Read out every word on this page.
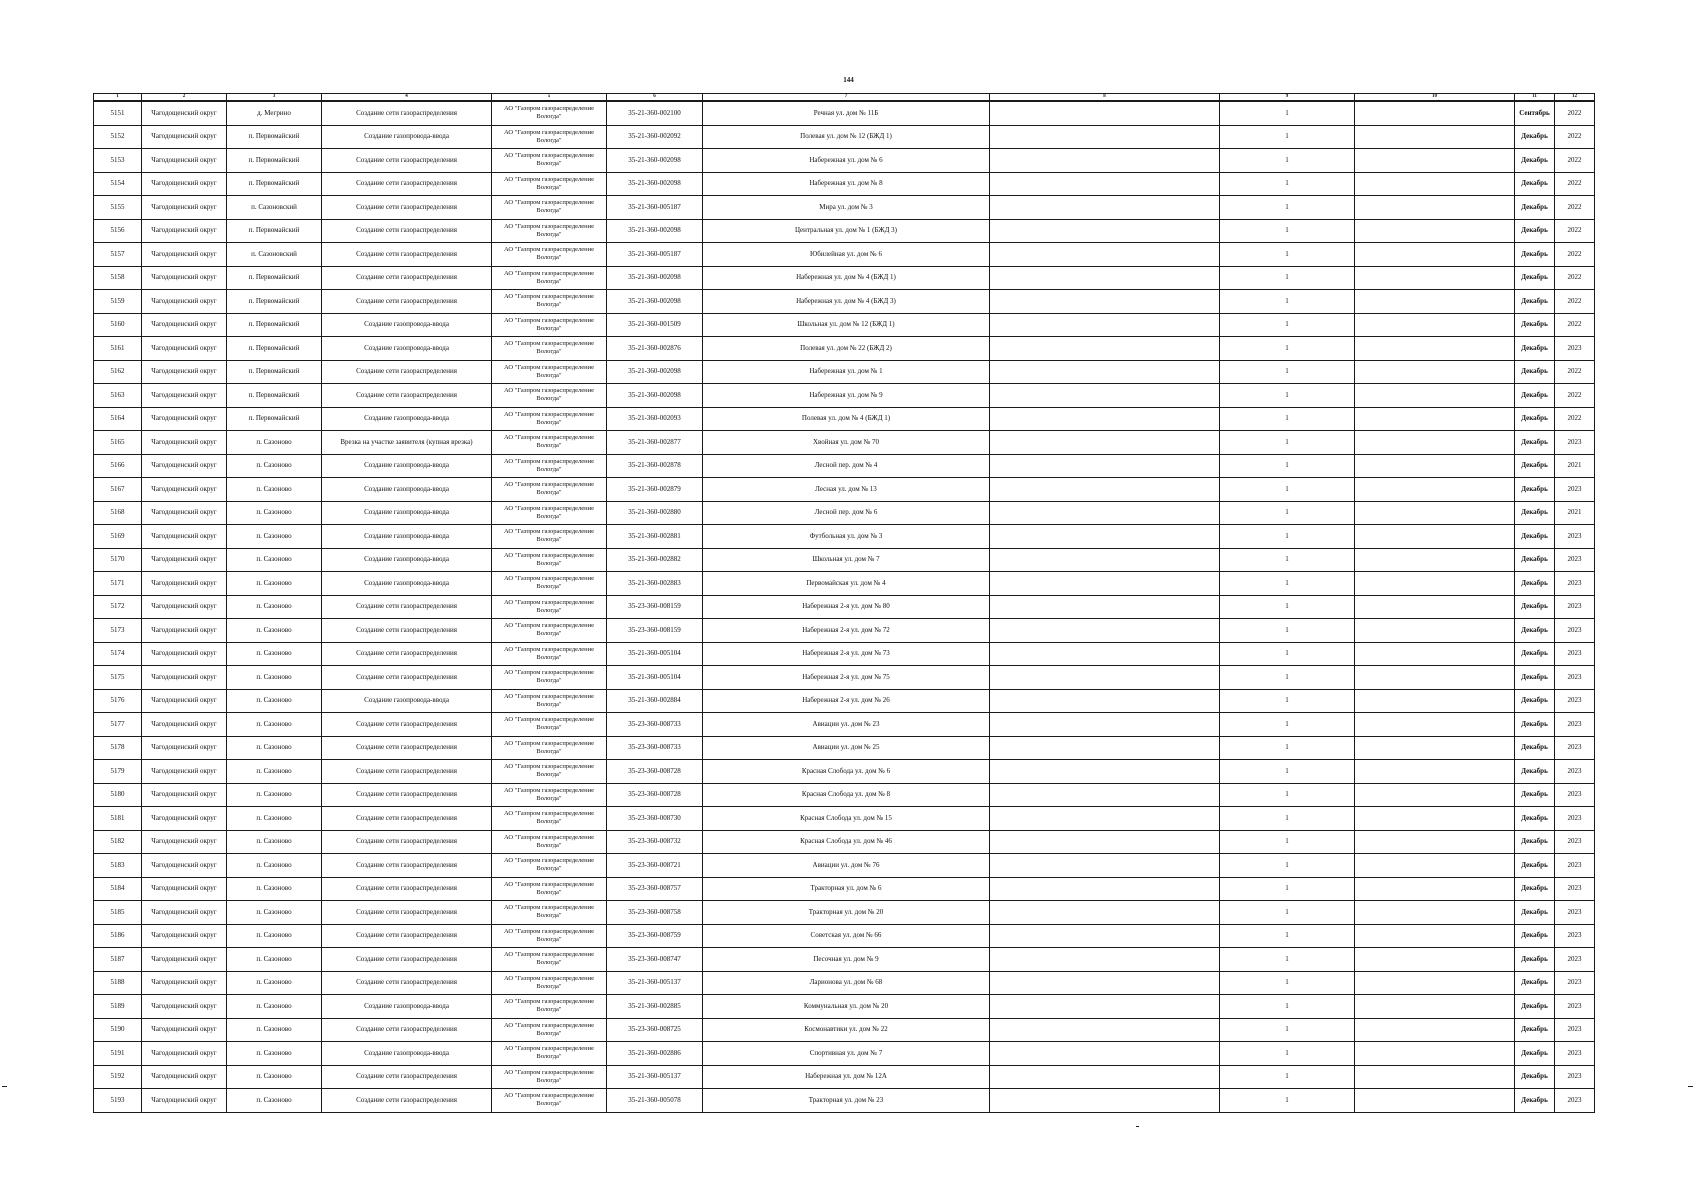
144
1	2	3	4	5	6	7	8	9	10	11	12
5151	Чагодощенский округ	д. Мегрино	Создание сети газораспределения	АО "Газпром газораспределение Вологда"	35-21-360-002100	Речная ул. дом № 11Б		1		Сентябрь	2022
5152	Чагодощенский округ	п. Первомайский	Создание газопровода-ввода	АО "Газпром газораспределение Вологда"	35-21-360-002092	Полевая ул. дом № 12 (БЖД 1)		1		Декабрь	2022
5153	Чагодощенский округ	п. Первомайский	Создание сети газораспределения	АО "Газпром газораспределение Вологда"	35-21-360-002098	Набережная ул. дом № 6		1		Декабрь	2022
5154	Чагодощенский округ	п. Первомайский	Создание сети газораспределения	АО "Газпром газораспределение Вологда"	35-21-360-002098	Набережная ул. дом № 8		1		Декабрь	2022
5155	Чагодощенский округ	п. Сазоновский	Создание сети газораспределения	АО "Газпром газораспределение Вологда"	35-21-360-005187	Мира ул. дом № 3		1		Декабрь	2022
5156	Чагодощенский округ	п. Первомайский	Создание сети газораспределения	АО "Газпром газораспределение Вологда"	35-21-360-002098	Центральная ул. дом № 1 (БЖД 3)		1		Декабрь	2022
5157	Чагодощенский округ	п. Сазоновский	Создание сети газораспределения	АО "Газпром газораспределение Вологда"	35-21-360-005187	Юбилейная ул. дом № 6		1		Декабрь	2022
5158	Чагодощенский округ	п. Первомайский	Создание сети газораспределения	АО "Газпром газораспределение Вологда"	35-21-360-002098	Набережная ул. дом № 4 (БЖД 1)		1		Декабрь	2022
5159	Чагодощенский округ	п. Первомайский	Создание сети газораспределения	АО "Газпром газораспределение Вологда"	35-21-360-002098	Набережная ул. дом № 4 (БЖД 3)		1		Декабрь	2022
5160	Чагодощенский округ	п. Первомайский	Создание газопровода-ввода	АО "Газпром газораспределение Вологда"	35-21-360-001509	Школьная ул. дом № 12 (БЖД 1)		1		Декабрь	2022
5161	Чагодощенский округ	п. Первомайский	Создание газопровода-ввода	АО "Газпром газораспределение Вологда"	35-21-360-002876	Полевая ул. дом № 22 (БЖД 2)		1		Декабрь	2023
5162	Чагодощенский округ	п. Первомайский	Создание сети газораспределения	АО "Газпром газораспределение Вологда"	35-21-360-002098	Набережная ул. дом № 1		1		Декабрь	2022
5163	Чагодощенский округ	п. Первомайский	Создание сети газораспределения	АО "Газпром газораспределение Вологда"	35-21-360-002098	Набережная ул. дом № 9		1		Декабрь	2022
5164	Чагодощенский округ	п. Первомайский	Создание газопровода-ввода	АО "Газпром газораспределение Вологда"	35-21-360-002093	Полевая ул. дом № 4 (БЖД 1)		1		Декабрь	2022
5165	Чагодощенский округ	п. Сазоново	Врезка на участке заявителя (купная врезка)	АО "Газпром газораспределение Вологда"	35-21-360-002877	Хвойная ул. дом № 70		1		Декабрь	2023
5166	Чагодощенский округ	п. Сазоново	Создание газопровода-ввода	АО "Газпром газораспределение Вологда"	35-21-360-002878	Лесной пер. дом № 4		1		Декабрь	2021
5167	Чагодощенский округ	п. Сазоново	Создание газопровода-ввода	АО "Газпром газораспределение Вологда"	35-21-360-002879	Лесная ул. дом № 13		1		Декабрь	2023
5168	Чагодощенский округ	п. Сазоново	Создание газопровода-ввода	АО "Газпром газораспределение Вологда"	35-21-360-002880	Лесной пер. дом № 6		1		Декабрь	2021
5169	Чагодощенский округ	п. Сазоново	Создание газопровода-ввода	АО "Газпром газораспределение Вологда"	35-21-360-002881	Футбольная ул. дом № 3		1		Декабрь	2023
5170	Чагодощенский округ	п. Сазоново	Создание газопровода-ввода	АО "Газпром газораспределение Вологда"	35-21-360-002882	Школьная ул. дом № 7		1		Декабрь	2023
5171	Чагодощенский округ	п. Сазоново	Создание газопровода-ввода	АО "Газпром газораспределение Вологда"	35-21-360-002883	Первомайская ул. дом № 4		1		Декабрь	2023
5172	Чагодощенский округ	п. Сазоново	Создание сети газораспределения	АО "Газпром газораспределение Вологда"	35-23-360-008159	Набережная 2-я ул. дом № 80		1		Декабрь	2023
5173	Чагодощенский округ	п. Сазоново	Создание сети газораспределения	АО "Газпром газораспределение Вологда"	35-23-360-008159	Набережная 2-я ул. дом № 72		1		Декабрь	2023
5174	Чагодощенский округ	п. Сазоново	Создание сети газораспределения	АО "Газпром газораспределение Вологда"	35-21-360-005104	Набережная 2-я ул. дом № 73		1		Декабрь	2023
5175	Чагодощенский округ	п. Сазоново	Создание сети газораспределения	АО "Газпром газораспределение Вологда"	35-21-360-005104	Набережная 2-я ул. дом № 75		1		Декабрь	2023
5176	Чагодощенский округ	п. Сазоново	Создание газопровода-ввода	АО "Газпром газораспределение Вологда"	35-21-360-002884	Набережная 2-я ул. дом № 26		1		Декабрь	2023
5177	Чагодощенский округ	п. Сазоново	Создание сети газораспределения	АО "Газпром газораспределение Вологда"	35-23-360-008733	Авиации ул. дом № 23		1		Декабрь	2023
5178	Чагодощенский округ	п. Сазоново	Создание сети газораспределения	АО "Газпром газораспределение Вологда"	35-23-360-008733	Авиации ул. дом № 25		1		Декабрь	2023
5179	Чагодощенский округ	п. Сазоново	Создание сети газораспределения	АО "Газпром газораспределение Вологда"	35-23-360-008728	Красная Слобода ул. дом № 6		1		Декабрь	2023
5180	Чагодощенский округ	п. Сазоново	Создание сети газораспределения	АО "Газпром газораспределение Вологда"	35-23-360-008728	Красная Слобода ул. дом № 8		1		Декабрь	2023
5181	Чагодощенский округ	п. Сазоново	Создание сети газораспределения	АО "Газпром газораспределение Вологда"	35-23-360-008730	Красная Слобода ул. дом № 15		1		Декабрь	2023
5182	Чагодощенский округ	п. Сазоново	Создание сети газораспределения	АО "Газпром газораспределение Вологда"	35-23-360-008732	Красная Слобода ул. дом № 46		1		Декабрь	2023
5183	Чагодощенский округ	п. Сазоново	Создание сети газораспределения	АО "Газпром газораспределение Вологда"	35-23-360-008721	Авиации ул. дом № 76		1		Декабрь	2023
5184	Чагодощенский округ	п. Сазоново	Создание сети газораспределения	АО "Газпром газораспределение Вологда"	35-23-360-008757	Тракторная ул. дом № 6		1		Декабрь	2023
5185	Чагодощенский округ	п. Сазоново	Создание сети газораспределения	АО "Газпром газораспределение Вологда"	35-23-360-008758	Тракторная ул. дом № 20		1		Декабрь	2023
5186	Чагодощенский округ	п. Сазоново	Создание сети газораспределения	АО "Газпром газораспределение Вологда"	35-23-360-008759	Советская ул. дом № 66		1		Декабрь	2023
5187	Чагодощенский округ	п. Сазоново	Создание сети газораспределения	АО "Газпром газораспределение Вологда"	35-23-360-008747	Песочная ул. дом № 9		1		Декабрь	2023
5188	Чагодощенский округ	п. Сазоново	Создание сети газораспределения	АО "Газпром газораспределение Вологда"	35-21-360-005137	Ларионова ул. дом № 68		1		Декабрь	2023
5189	Чагодощенский округ	п. Сазоново	Создание газопровода-ввода	АО "Газпром газораспределение Вологда"	35-21-360-002885	Коммунальная ул. дом № 20		1		Декабрь	2023
5190	Чагодощенский округ	п. Сазоново	Создание сети газораспределения	АО "Газпром газораспределение Вологда"	35-23-360-008725	Космонавтики ул. дом № 22		1		Декабрь	2023
5191	Чагодощенский округ	п. Сазоново	Создание газопровода-ввода	АО "Газпром газораспределение Вологда"	35-21-360-002886	Спортивная ул. дом № 7		1		Декабрь	2023
5192	Чагодощенский округ	п. Сазоново	Создание сети газораспределения	АО "Газпром газораспределение Вологда"	35-21-360-005137	Набережная ул. дом № 12А		1		Декабрь	2023
5193	Чагодощенский округ	п. Сазоново	Создание сети газораспределения	АО "Газпром газораспределение Вологда"	35-21-360-005078	Тракторная ул. дом № 23		1		Декабрь	2023
